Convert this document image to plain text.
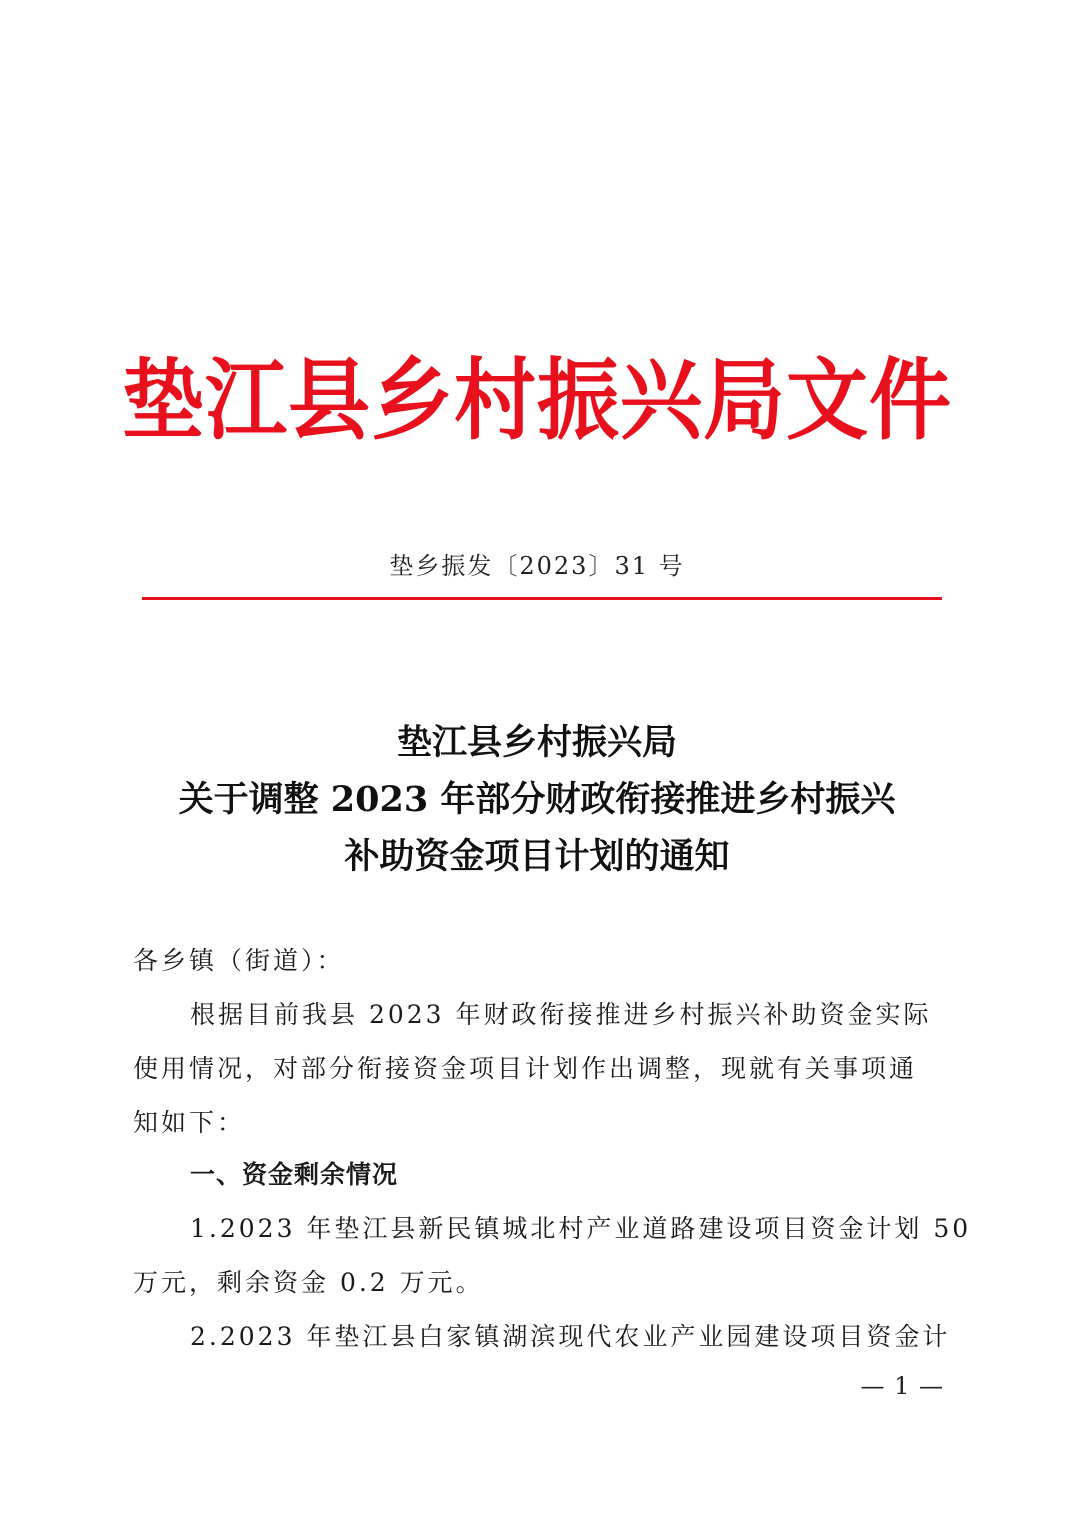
垫江县乡村振兴局文件
垫乡振发〔2023〕31 号
垫江县乡村振兴局
关于调整 2023 年部分财政衔接推进乡村振兴
补助资金项目计划的通知
各乡镇（街道）：
根据目前我县 2023 年财政衔接推进乡村振兴补助资金实际
使用情况，对部分衔接资金项目计划作出调整，现就有关事项通
知如下：
一、资金剩余情况
1.2023 年垫江县新民镇城北村产业道路建设项目资金计划 50
万元，剩余资金 0.2 万元。
2.2023 年垫江县白家镇湖滨现代农业产业园建设项目资金计
— 1 —
